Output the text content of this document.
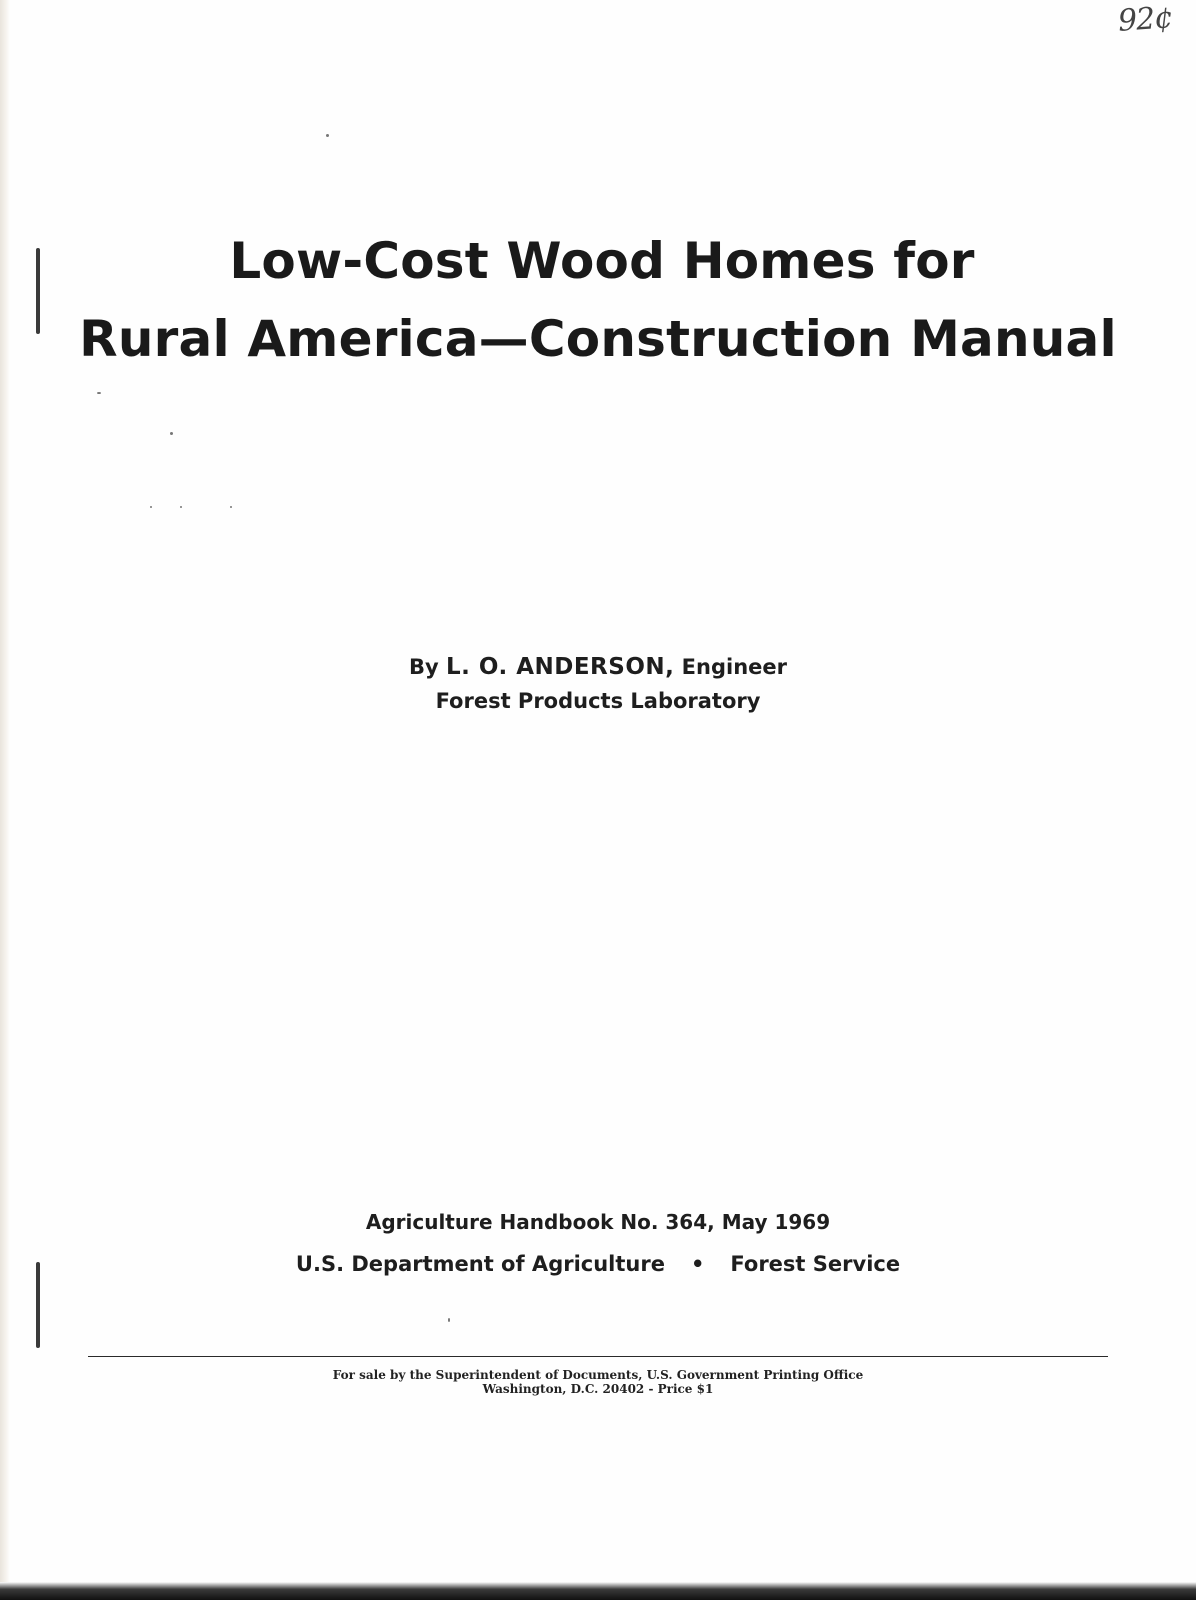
92¢
Low-Cost Wood Homes for
Rural America—Construction Manual
By L. O. ANDERSON, Engineer
Forest Products Laboratory
Agriculture Handbook No. 364, May 1969
U.S. Department of Agriculture • Forest Service
For sale by the Superintendent of Documents, U.S. Government Printing Office
Washington, D.C. 20402 - Price $1
